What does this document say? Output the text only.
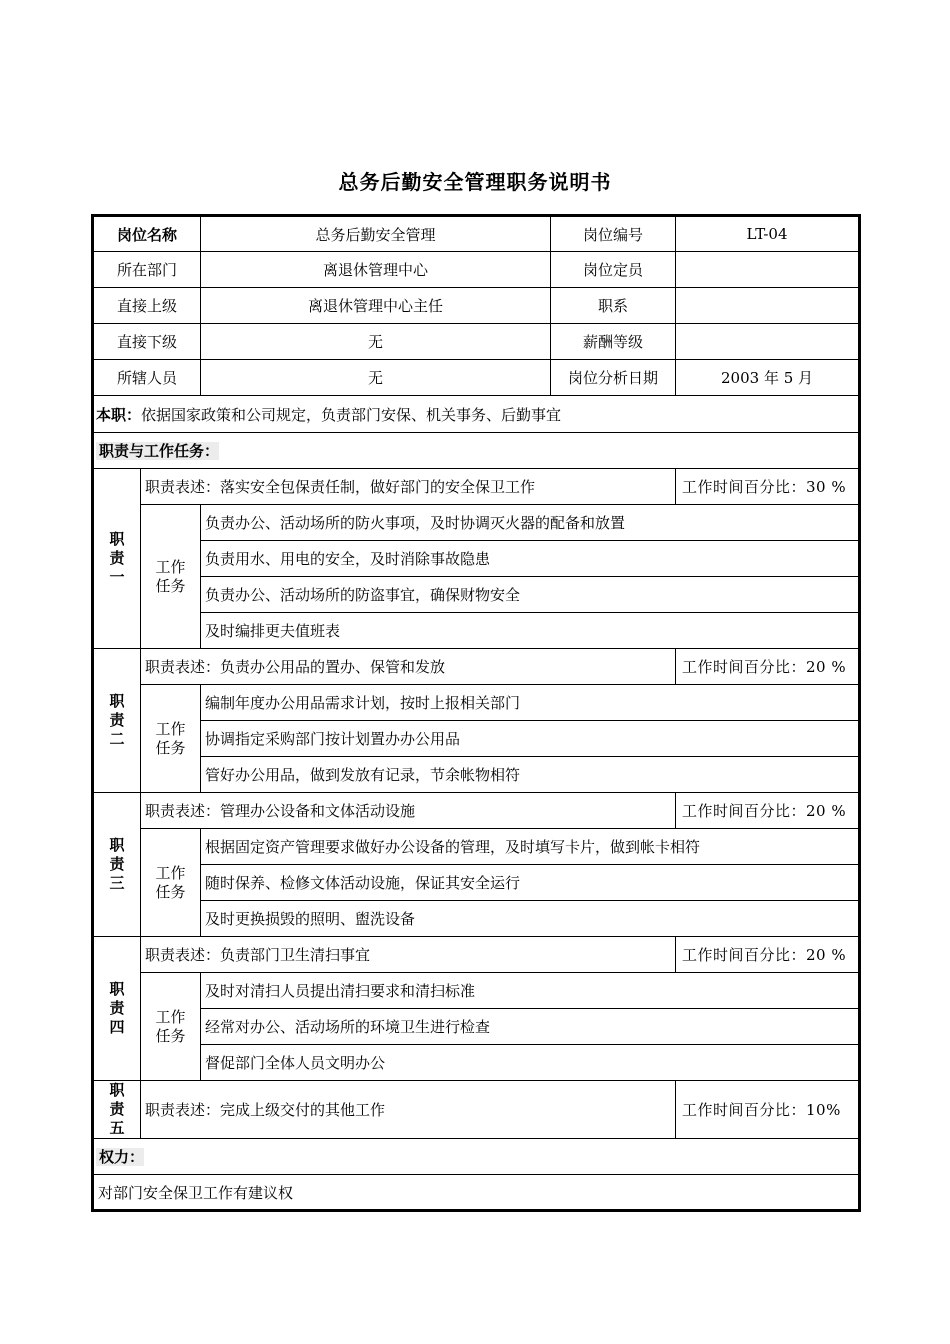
总务后勤安全管理职务说明书
岗位名称		总务后勤安全管理	岗位编号	LT-04
所在部门		离退休管理中心	岗位定员	
直接上级		离退休管理中心主任	职系	
直接下级		无	薪酬等级	
所辖人员		无	岗位分析日期	2003 年 5 月
本职：依据国家政策和公司规定，负责部门安保、机关事务、后勤事宜				
职责与工作任务：				
职责一	职责表述：落实安全包保责任制，做好部门的安全保卫工作			工作时间百分比：30 %
	工作任务	负责办公、活动场所的防火事项，及时协调灭火器的配备和放置		
		负责用水、用电的安全，及时消除事故隐患		
		负责办公、活动场所的防盗事宜，确保财物安全		
		及时编排更夫值班表		
职责二	职责表述：负责办公用品的置办、保管和发放			工作时间百分比：20 %
	工作任务	编制年度办公用品需求计划，按时上报相关部门		
		协调指定采购部门按计划置办办公用品		
		管好办公用品，做到发放有记录，节余帐物相符		
职责三	职责表述：管理办公设备和文体活动设施			工作时间百分比：20 %
	工作任务	根据固定资产管理要求做好办公设备的管理，及时填写卡片，做到帐卡相符		
		随时保养、检修文体活动设施，保证其安全运行		
		及时更换损毁的照明、盥洗设备		
职责四	职责表述：负责部门卫生清扫事宜			工作时间百分比：20 %
	工作任务	及时对清扫人员提出清扫要求和清扫标准		
		经常对办公、活动场所的环境卫生进行检查		
		督促部门全体人员文明办公		
职责五	职责表述：完成上级交付的其他工作			工作时间百分比：10%
权力：				
对部门安全保卫工作有建议权				
